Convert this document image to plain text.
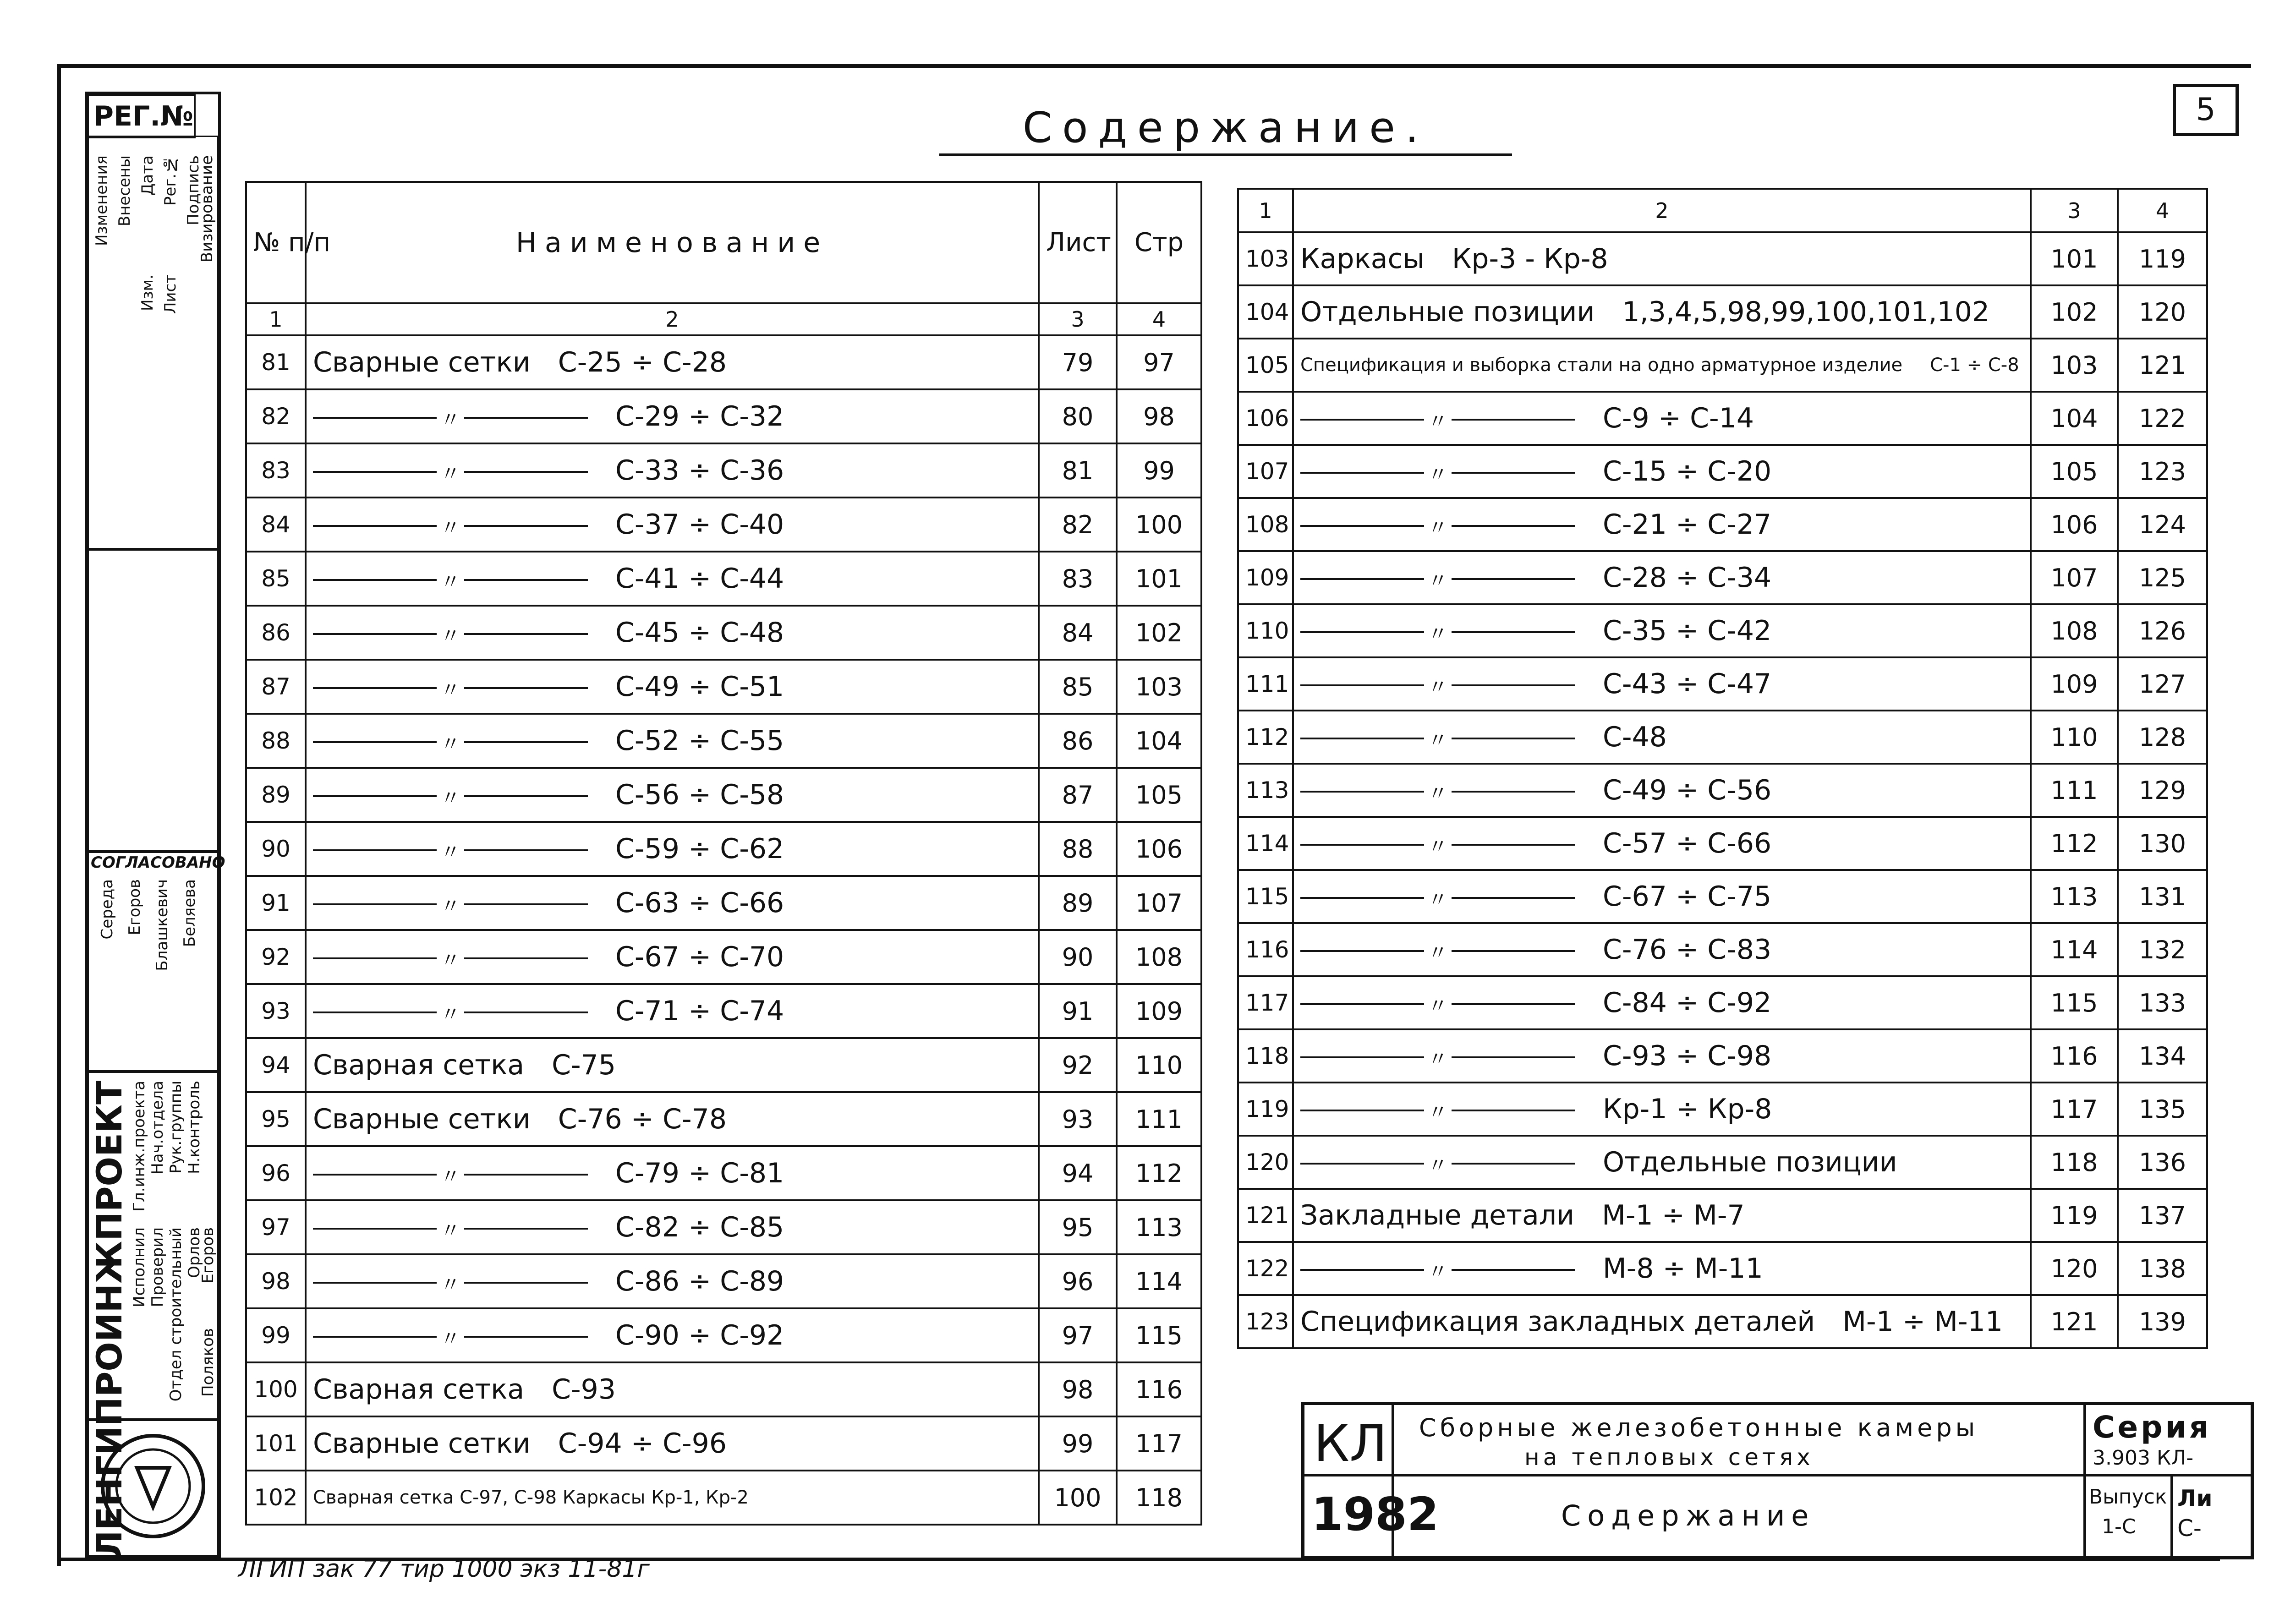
5
Содержание.
РЕГ.№
Изменения Внесены Дата Рег.№
Изм. Лист
Подпись
Визирование
СОГЛАСОВАНО
Середа Егоров Блашкевич Беляева
ЛЕНГИПРОИНЖПРОЕКТ Гл.инж.проекта Нач.отдела Рук.группы Н.контроль
Исполнил Проверил Отдел строительный Орлов
Егоров
Поляков
№ п/п	Наименование	Лист	Стр
1	2	3	4
81	Сварные сетки С-25 ÷ С-28	79	97
82	〃 С-29 ÷ С-32	80	98
83	〃 С-33 ÷ С-36	81	99
84	〃 С-37 ÷ С-40	82	100
85	〃 С-41 ÷ С-44	83	101
86	〃 С-45 ÷ С-48	84	102
87	〃 С-49 ÷ С-51	85	103
88	〃 С-52 ÷ С-55	86	104
89	〃 С-56 ÷ С-58	87	105
90	〃 С-59 ÷ С-62	88	106
91	〃 С-63 ÷ С-66	89	107
92	〃 С-67 ÷ С-70	90	108
93	〃 С-71 ÷ С-74	91	109
94	Сварная сетка С-75	92	110
95	Сварные сетки С-76 ÷ С-78	93	111
96	〃 С-79 ÷ С-81	94	112
97	〃 С-82 ÷ С-85	95	113
98	〃 С-86 ÷ С-89	96	114
99	〃 С-90 ÷ С-92	97	115
100	Сварная сетка С-93	98	116
101	Сварные сетки С-94 ÷ С-96	99	117
102	Сварная сетка С-97, С-98 Каркасы Кр-1, Кр-2	100	118
1	2	3	4
103	Каркасы Кр-3 - Кр-8	101	119
104	Отдельные позиции 1,3,4,5,98,99,100,101,102	102	120
105	Спецификация и выборка стали на одно арматурное изделие С-1 ÷ С-8	103	121
106	〃 С-9 ÷ С-14	104	122
107	〃 С-15 ÷ С-20	105	123
108	〃 С-21 ÷ С-27	106	124
109	〃 С-28 ÷ С-34	107	125
110	〃 С-35 ÷ С-42	108	126
111	〃 С-43 ÷ С-47	109	127
112	〃 С-48	110	128
113	〃 С-49 ÷ С-56	111	129
114	〃 С-57 ÷ С-66	112	130
115	〃 С-67 ÷ С-75	113	131
116	〃 С-76 ÷ С-83	114	132
117	〃 С-84 ÷ С-92	115	133
118	〃 С-93 ÷ С-98	116	134
119	〃 Кр-1 ÷ Кр-8	117	135
120	〃 Отдельные позиции	118	136
121	Закладные детали М-1 ÷ М-7	119	137
122	〃 М-8 ÷ М-11	120	138
123	Спецификация закладных деталей М-1 ÷ М-11	121	139
КЛ
1982
Сборные железобетонные камеры
на тепловых сетях
Содержание
Серия
3.903 КЛ-
Выпуск
1-С
Ли
С-
ЛГИП зак 77 тир 1000 экз 11-81г
